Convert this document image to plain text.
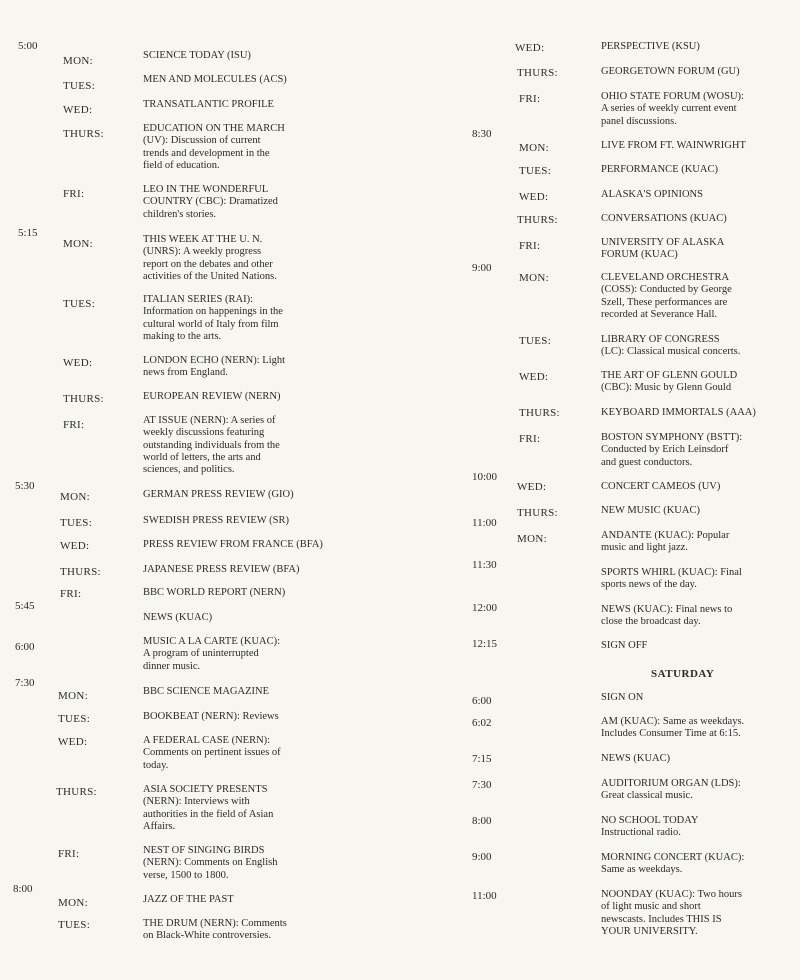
5:00
5:15
5:30
5:45
6:00
7:30
8:00
MON:
TUES:
WED:
THURS:
FRI:
MON:
TUES:
WED:
THURS:
FRI:
MON:
TUES:
WED:
THURS:
FRI:
MON:
TUES:
WED:
THURS:
FRI:
MON:
TUES:
SCIENCE TODAY (ISU)
MEN AND MOLECULES (ACS)
TRANSATLANTIC PROFILE
EDUCATION ON THE MARCH
(UV): Discussion of current
trends and development in the
field of education.
LEO IN THE WONDERFUL
COUNTRY (CBC): Dramatized
children's stories.
THIS WEEK AT THE U. N.
(UNRS): A weekly progress
report on the debates and other
activities of the United Nations.
ITALIAN SERIES (RAI):
Information on happenings in the
cultural world of Italy from film
making to the arts.
LONDON ECHO (NERN): Light
news from England.
EUROPEAN REVIEW (NERN)
AT ISSUE (NERN): A series of
weekly discussions featuring
outstanding individuals from the
world of letters, the arts and
sciences, and politics.
GERMAN PRESS REVIEW (GIO)
SWEDISH PRESS REVIEW (SR)
PRESS REVIEW FROM FRANCE (BFA)
JAPANESE PRESS REVIEW (BFA)
BBC WORLD REPORT (NERN)
NEWS (KUAC)
MUSIC A LA CARTE (KUAC):
A program of uninterrupted
dinner music.
BBC SCIENCE MAGAZINE
BOOKBEAT (NERN): Reviews
A FEDERAL CASE (NERN):
Comments on pertinent issues of
today.
ASIA SOCIETY PRESENTS
(NERN): Interviews with
authorities in the field of Asian
Affairs.
NEST OF SINGING BIRDS
(NERN): Comments on English
verse, 1500 to 1800.
JAZZ OF THE PAST
THE DRUM (NERN): Comments
on Black-White controversies.
8:30
9:00
10:00
11:00
11:30
12:00
12:15
6:00
6:02
7:15
7:30
8:00
9:00
11:00
WED:
THURS:
FRI:
MON:
TUES:
WED:
THURS:
FRI:
MON:
TUES:
WED:
THURS:
FRI:
WED:
THURS:
MON:
PERSPECTIVE (KSU)
GEORGETOWN FORUM (GU)
OHIO STATE FORUM (WOSU):
A series of weekly current event
panel discussions.
LIVE FROM FT. WAINWRIGHT
PERFORMANCE (KUAC)
ALASKA'S OPINIONS
CONVERSATIONS (KUAC)
UNIVERSITY OF ALASKA
FORUM (KUAC)
CLEVELAND ORCHESTRA
(COSS): Conducted by George
Szell, These performances are
recorded at Severance Hall.
LIBRARY OF CONGRESS
(LC): Classical musical concerts.
THE ART OF GLENN GOULD
(CBC): Music by Glenn Gould
KEYBOARD IMMORTALS (AAA)
BOSTON SYMPHONY (BSTT):
Conducted by Erich Leinsdorf
and guest conductors.
CONCERT CAMEOS (UV)
NEW MUSIC (KUAC)
ANDANTE (KUAC): Popular
music and light jazz.
SPORTS WHIRL (KUAC): Final
sports news of the day.
NEWS (KUAC): Final news to
close the broadcast day.
SIGN OFF
SATURDAY
SIGN ON
AM (KUAC): Same as weekdays.
Includes Consumer Time at 6:15.
NEWS (KUAC)
AUDITORIUM ORGAN (LDS):
Great classical music.
NO SCHOOL TODAY
Instructional radio.
MORNING CONCERT (KUAC):
Same as weekdays.
NOONDAY (KUAC): Two hours
of light music and short
newscasts. Includes THIS IS
YOUR UNIVERSITY.
